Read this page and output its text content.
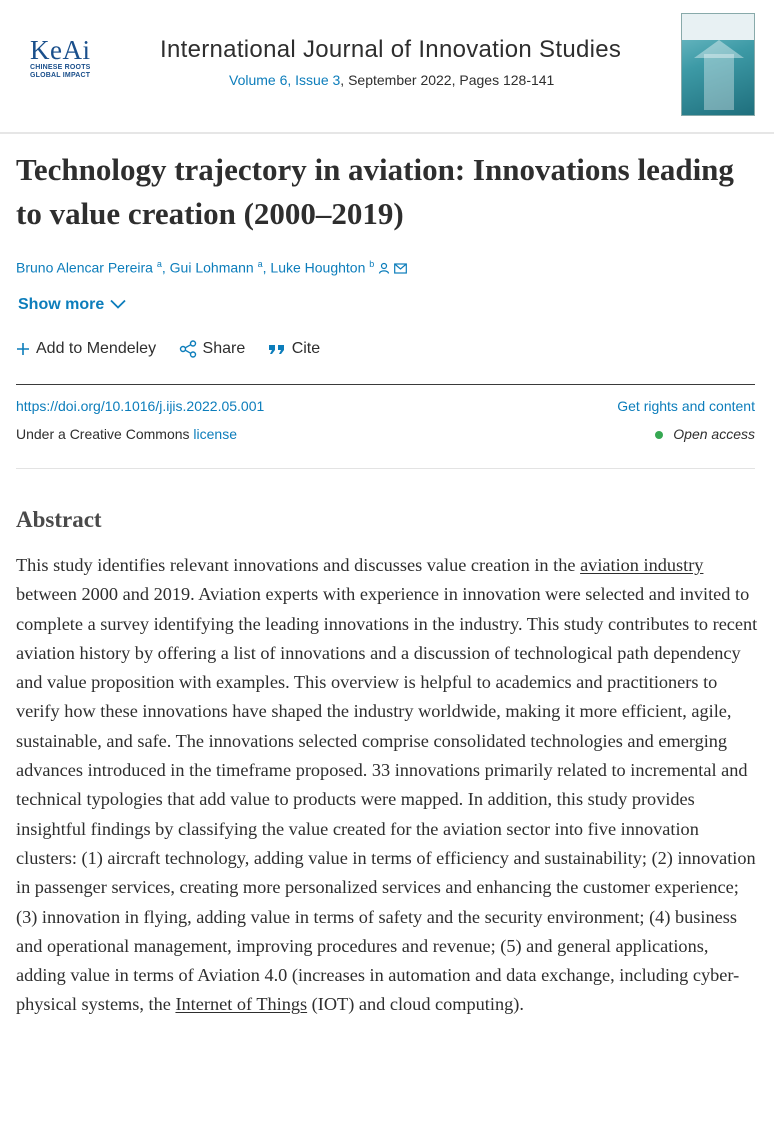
KeAi
CHINESE ROOTS
GLOBAL IMPACT
International Journal of Innovation Studies
Volume 6, Issue 3, September 2022, Pages 128-141
Technology trajectory in aviation: Innovations leading to value creation (2000–2019)
Bruno Alencar Pereira $^a$, Gui Lohmann $^a$, Luke Houghton $^b$
Show more
Add to Mendeley	Share	Cite
https://doi.org/10.1016/j.ijis.2022.05.001	Get rights and content
Under a Creative Commons license	Open access
Abstract
This study identifies relevant innovations and discusses value creation in the aviation industry between 2000 and 2019. Aviation experts with experience in innovation were selected and invited to complete a survey identifying the leading innovations in the industry. This study contributes to recent aviation history by offering a list of innovations and a discussion of technological path dependency and value proposition with examples. This overview is helpful to academics and practitioners to verify how these innovations have shaped the industry worldwide, making it more efficient, agile, sustainable, and safe. The innovations selected comprise consolidated technologies and emerging advances introduced in the timeframe proposed. 33 innovations primarily related to incremental and technical typologies that add value to products were mapped. In addition, this study provides insightful findings by classifying the value created for the aviation sector into five innovation clusters: (1) aircraft technology, adding value in terms of efficiency and sustainability; (2) innovation in passenger services, creating more personalized services and enhancing the customer experience; (3) innovation in flying, adding value in terms of safety and the security environment; (4) business and operational management, improving procedures and revenue; (5) and general applications, adding value in terms of Aviation 4.0 (increases in automation and data exchange, including cyber-physical systems, the Internet of Things (IOT) and cloud computing).
